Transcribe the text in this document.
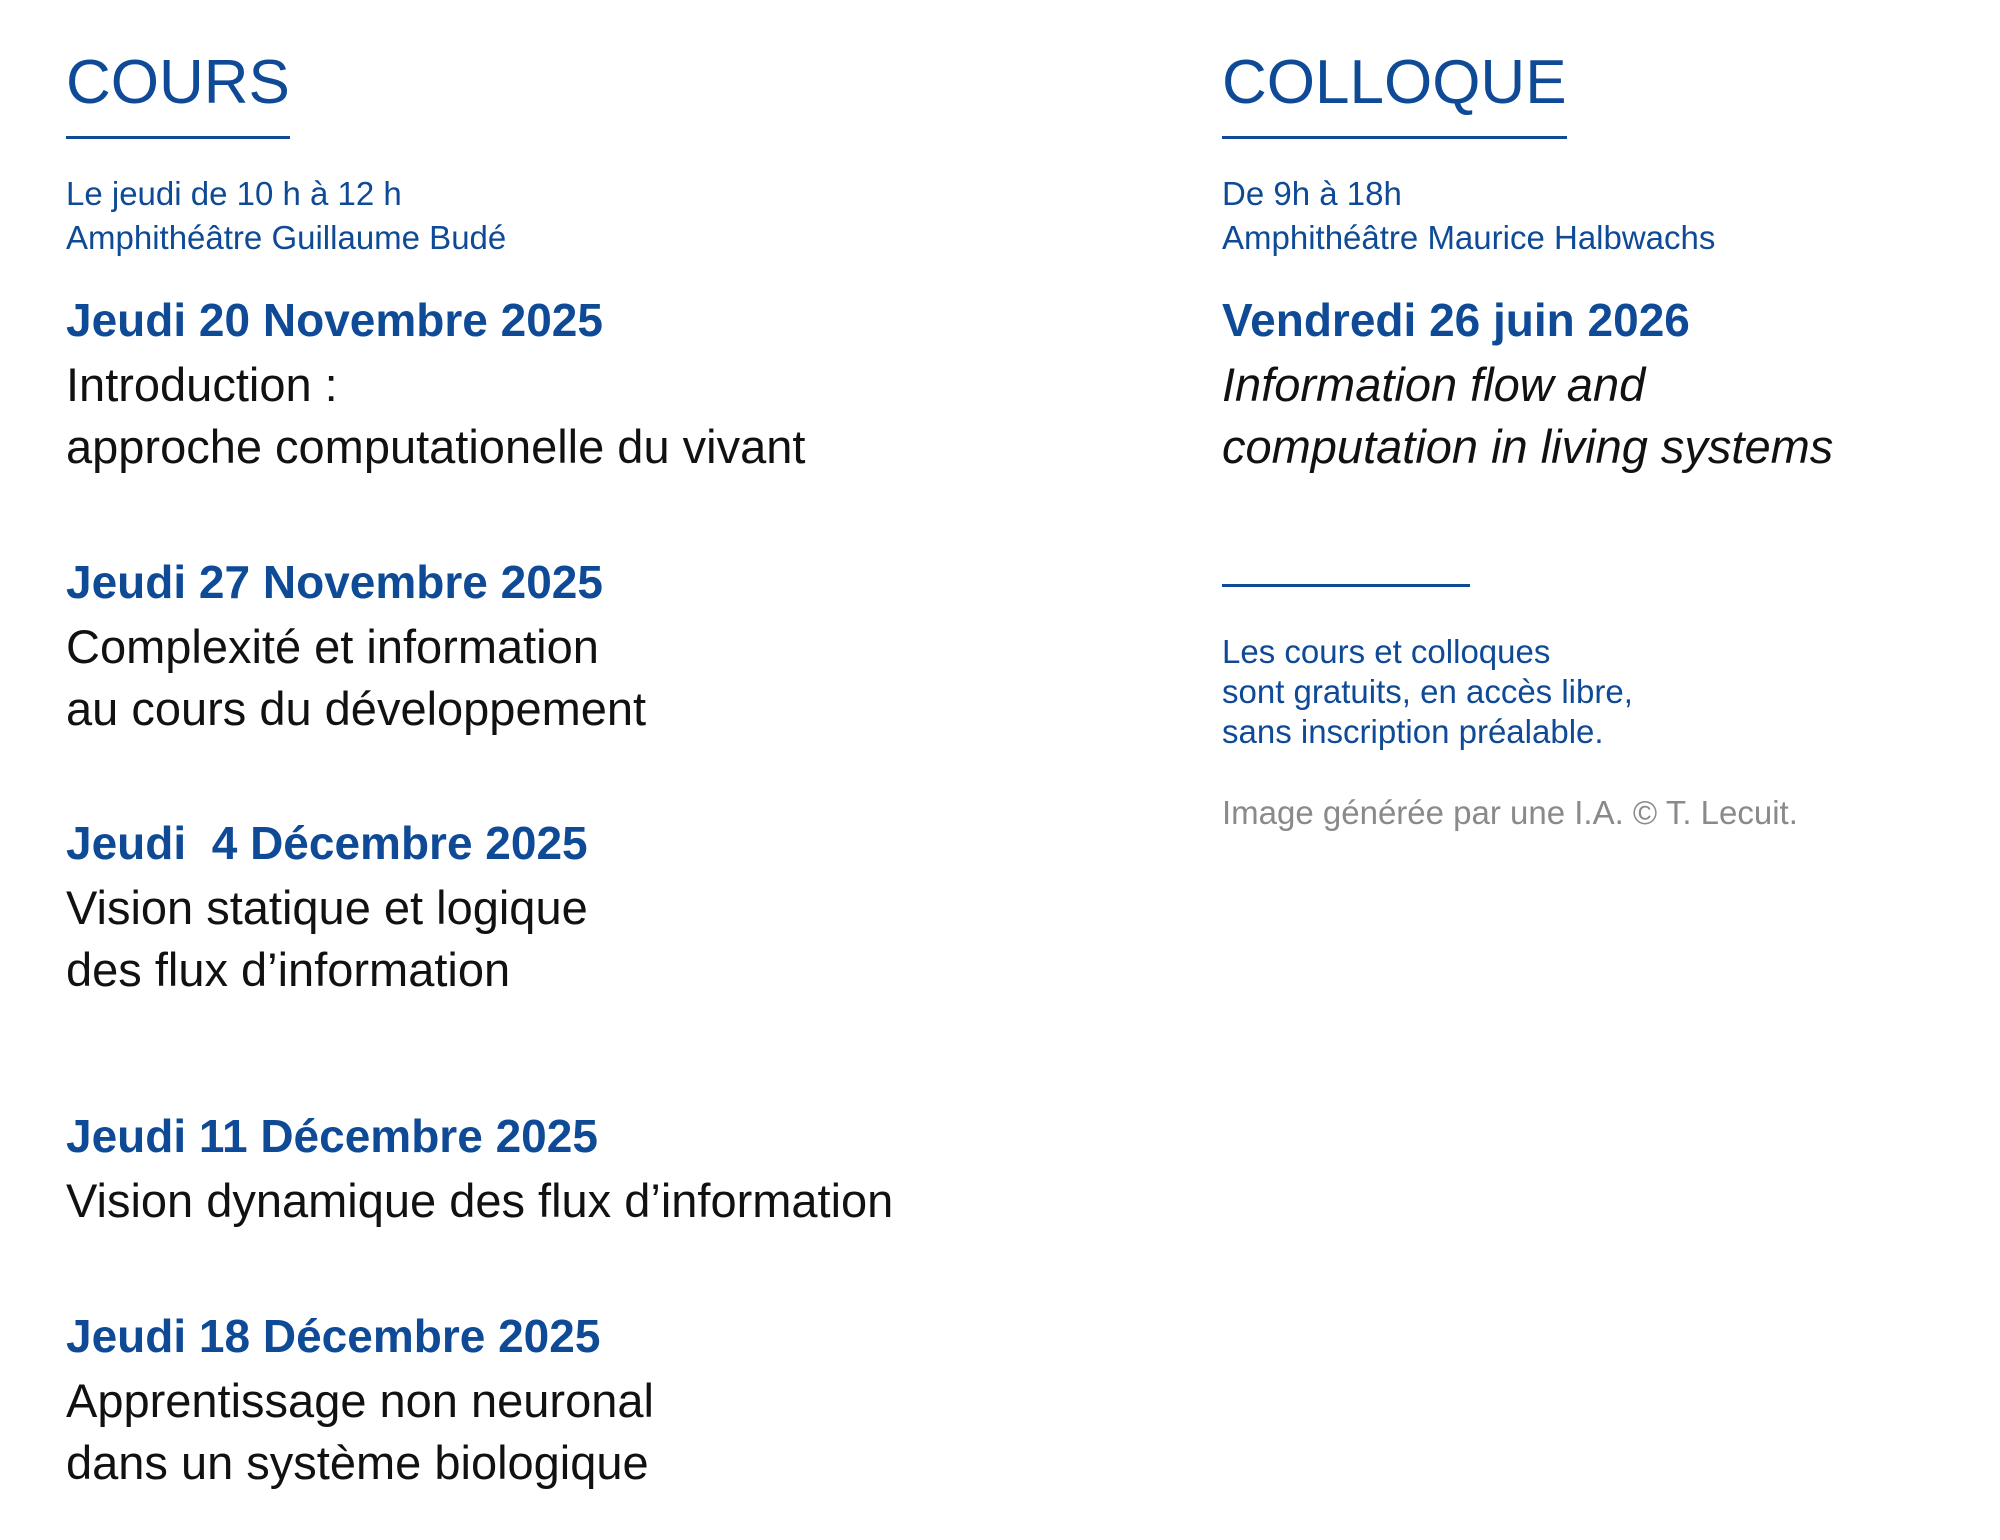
COURS
Le jeudi de 10 h à 12 h
Amphithéâtre Guillaume Budé
Jeudi 20 Novembre 2025
Introduction :
approche computationelle du vivant
Jeudi 27 Novembre 2025
Complexité et information
au cours du développement
Jeudi  4 Décembre 2025
Vision statique et logique
des flux d’information
Jeudi 11 Décembre 2025
Vision dynamique des flux d’information
Jeudi 18 Décembre 2025
Apprentissage non neuronal
dans un système biologique
COLLOQUE
De 9h à 18h
Amphithéâtre Maurice Halbwachs
Vendredi 26 juin 2026
Information flow and
computation in living systems
Les cours et colloques
sont gratuits, en accès libre,
sans inscription préalable.
Image générée par une I.A. © T. Lecuit.
